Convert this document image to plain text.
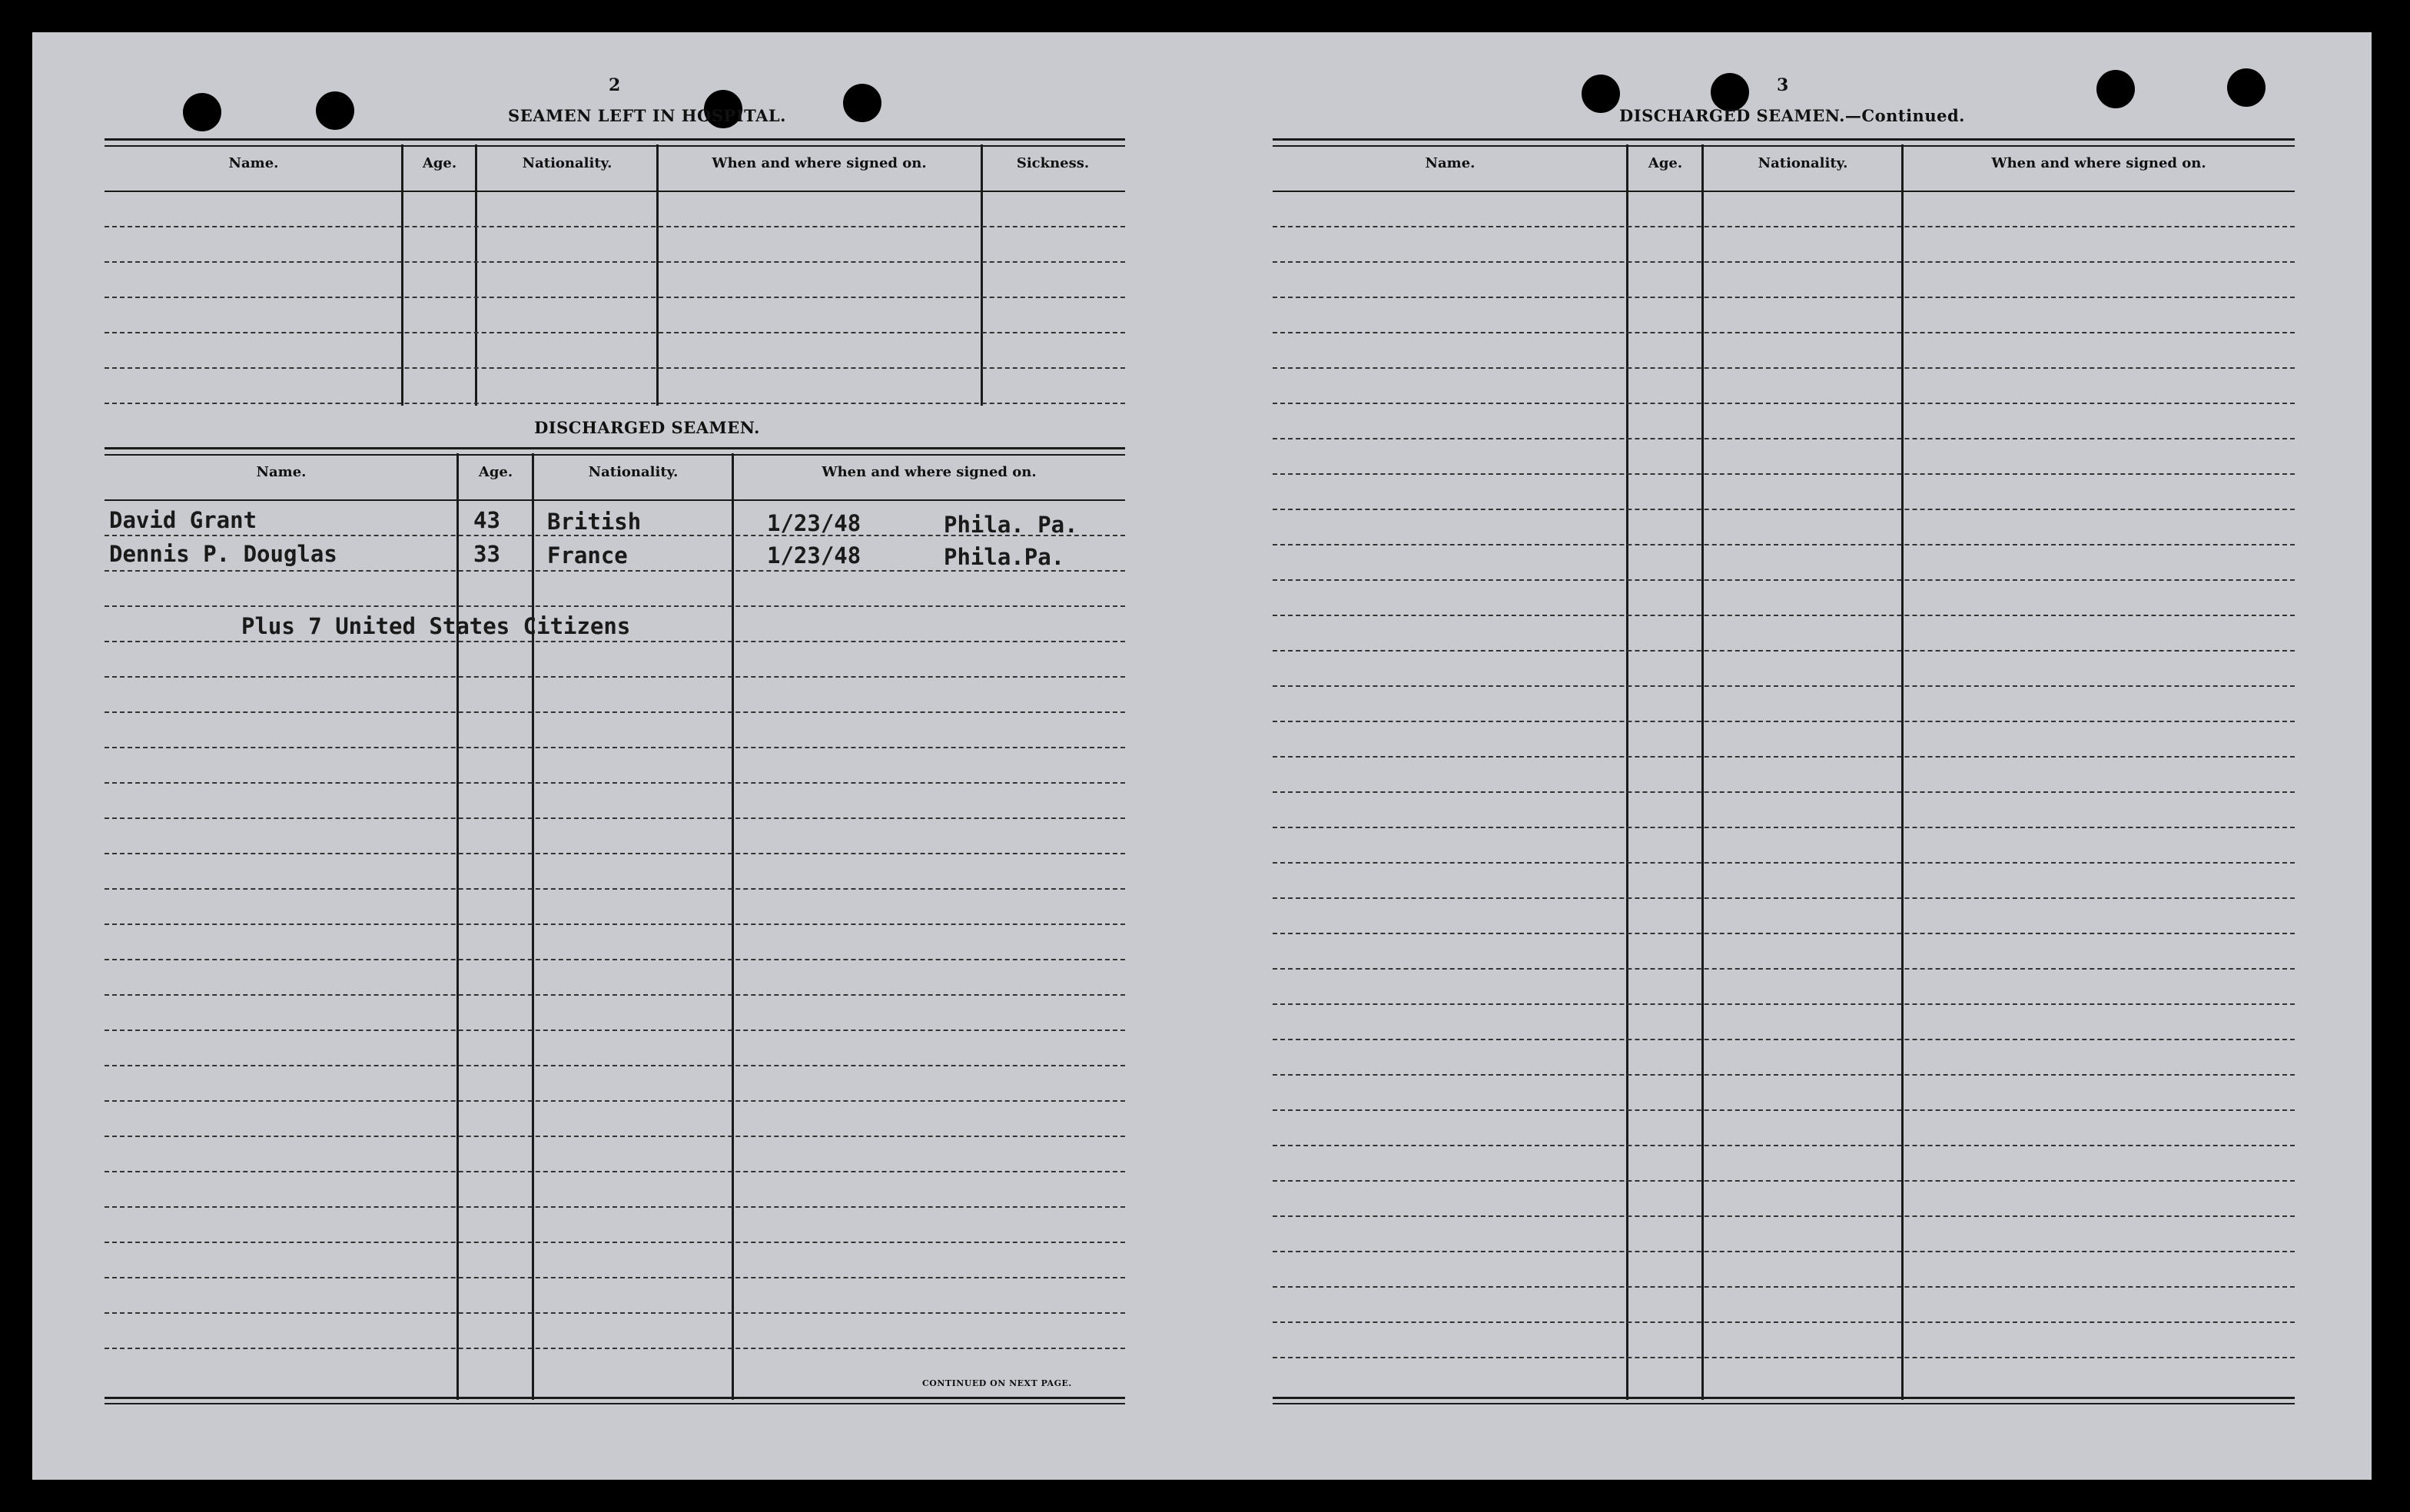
2
SEAMEN LEFT IN HOSPITAL.
Name.	Age.	Nationality.	When and where signed on.	Sickness.
DISCHARGED SEAMEN.
Name.	Age.	Nationality.	When and where signed on.
David Grant	43 British	1/23/48	Phila. Pa.
Dennis P. Douglas	33 France	1/23/48	Phila.Pa.
Plus 7 United States Citizens
CONTINUED ON NEXT PAGE.
3
DISCHARGED SEAMEN.—Continued.
Name.	Age.	Nationality.	When and where signed on.
